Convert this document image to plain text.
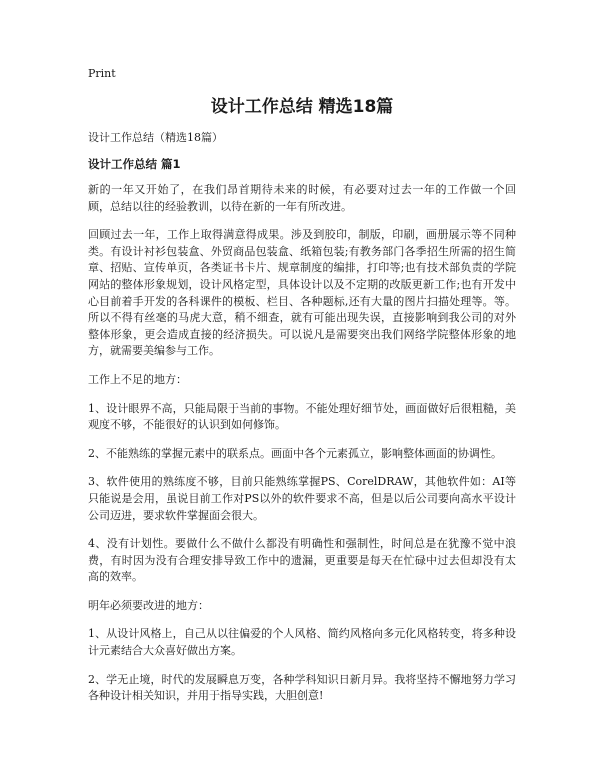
Print
设计工作总结 精选18篇
设计工作总结（精选18篇）
设计工作总结 篇1
新的一年又开始了，在我们昂首期待未来的时候，有必要对过去一年的工作做一个回顾，总结以往的经验教训，以待在新的一年有所改进。
回顾过去一年，工作上取得满意得成果。涉及到胶印，制版，印刷，画册展示等不同种类。有设计衬衫包装盒、外贸商品包装盒、纸箱包装;有教务部门各季招生所需的招生简章、招贴、宣传单页，各类证书卡片、规章制度的编排，打印等;也有技术部负责的学院网站的整体形象规划，设计风格定型，具体设计以及不定期的改版更新工作;也有开发中心目前着手开发的各科课件的模板、栏目、各种题标,还有大量的图片扫描处理等。等。所以不得有丝毫的马虎大意，稍不细查，就有可能出现失误，直接影响到我公司的对外整体形象，更会造成直接的经济损失。可以说凡是需要突出我们网络学院整体形象的地方，就需要美编参与工作。
工作上不足的地方：
1、设计眼界不高，只能局限于当前的事物。不能处理好细节处，画面做好后很粗糙，美观度不够，不能很好的认识到如何修饰。
2、不能熟练的掌握元素中的联系点。画面中各个元素孤立，影响整体画面的协调性。
3、软件使用的熟练度不够，目前只能熟练掌握PS、CorelDRAW，其他软件如：AI等只能说是会用，虽说目前工作对PS以外的软件要求不高，但是以后公司要向高水平设计公司迈进，要求软件掌握面会很大。
4、没有计划性。要做什么不做什么都没有明确性和强制性，时间总是在犹豫不觉中浪费，有时因为没有合理安排导致工作中的遗漏，更重要是每天在忙碌中过去但却没有太高的效率。
明年必须要改进的地方：
1、从设计风格上，自己从以往偏爱的个人风格、简约风格向多元化风格转变，将多种设计元素结合大众喜好做出方案。
2、学无止境，时代的发展瞬息万变，各种学科知识日新月异。我将坚持不懈地努力学习各种设计相关知识，并用于指导实践，大胆创意!
